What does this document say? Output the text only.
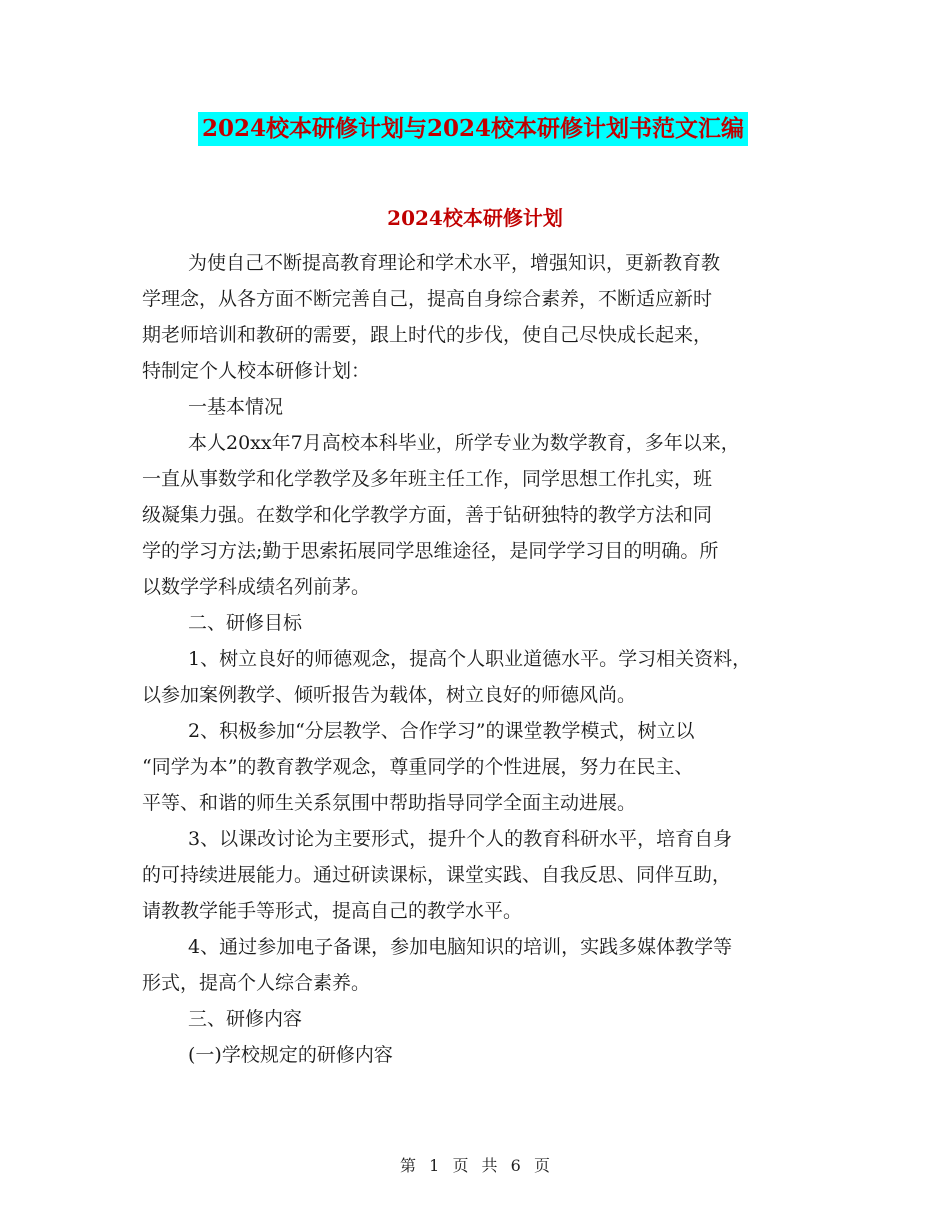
2024校本研修计划与2024校本研修计划书范文汇编
2024校本研修计划

为使自己不断提高教育理论和学术水平，增强知识，更新教育教

学理念，从各方面不断完善自己，提高自身综合素养，不断适应新时

期老师培训和教研的需要，跟上时代的步伐，使自己尽快成长起来，

特制定个人校本研修计划：

一基本情况

本人20xx年7月高校本科毕业，所学专业为数学教育，多年以来，

一直从事数学和化学教学及多年班主任工作，同学思想工作扎实，班

级凝集力强。在数学和化学教学方面，善于钻研独特的教学方法和同

学的学习方法;勤于思索拓展同学思维途径，是同学学习目的明确。所

以数学学科成绩名列前茅。

二、研修目标

1、树立良好的师德观念，提高个人职业道德水平。学习相关资料，

以参加案例教学、倾听报告为载体，树立良好的师德风尚。

2、积极参加“分层教学、合作学习”的课堂教学模式，树立以

“同学为本”的教育教学观念，尊重同学的个性进展，努力在民主、

平等、和谐的师生关系氛围中帮助指导同学全面主动进展。

3、以课改讨论为主要形式，提升个人的教育科研水平，培育自身

的可持续进展能力。通过研读课标，课堂实践、自我反思、同伴互助，

请教教学能手等形式，提高自己的教学水平。

4、通过参加电子备课，参加电脑知识的培训，实践多媒体教学等

形式，提高个人综合素养。

三、研修内容

(一)学校规定的研修内容

第 1 页 共 6 页
